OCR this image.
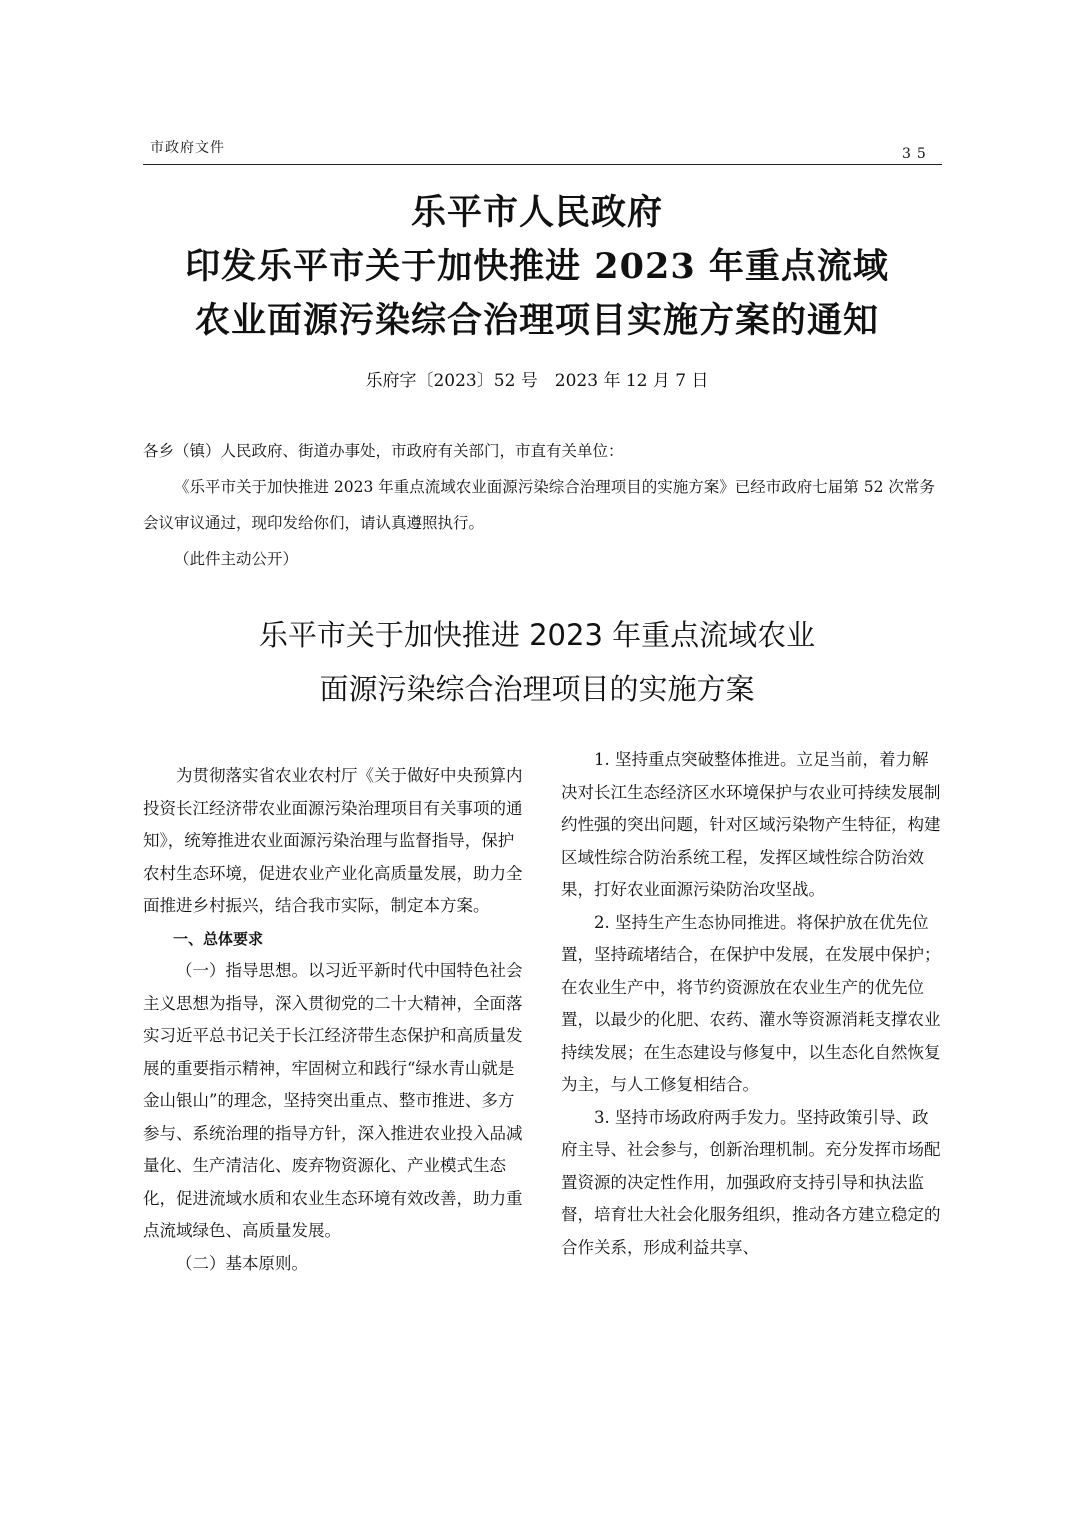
市政府文件	35
乐平市人民政府
印发乐平市关于加快推进 2023 年重点流域
农业面源污染综合治理项目实施方案的通知
乐府字〔2023〕52 号　2023 年 12 月 7 日

各乡（镇）人民政府、街道办事处，市政府有关部门，市直有关单位：

《乐平市关于加快推进 2023 年重点流域农业面源污染综合治理项目的实施方案》已经市政府七届第 52 次常务会议审议通过，现印发给你们，请认真遵照执行。

（此件主动公开）

乐平市关于加快推进 2023 年重点流域农业
面源污染综合治理项目的实施方案

为贯彻落实省农业农村厅《关于做好中央预算内投资长江经济带农业面源污染治理项目有关事项的通知》，统筹推进农业面源污染治理与监督指导，保护农村生态环境，促进农业产业化高质量发展，助力全面推进乡村振兴，结合我市实际，制定本方案。

一、总体要求

（一）指导思想。以习近平新时代中国特色社会主义思想为指导，深入贯彻党的二十大精神，全面落实习近平总书记关于长江经济带生态保护和高质量发展的重要指示精神，牢固树立和践行“绿水青山就是金山银山”的理念，坚持突出重点、整市推进、多方参与、系统治理的指导方针，深入推进农业投入品减量化、生产清洁化、废弃物资源化、产业模式生态化，促进流域水质和农业生态环境有效改善，助力重点流域绿色、高质量发展。

（二）基本原则。

1. 坚持重点突破整体推进。立足当前，着力解决对长江生态经济区水环境保护与农业可持续发展制约性强的突出问题，针对区域污染物产生特征，构建区域性综合防治系统工程，发挥区域性综合防治效果，打好农业面源污染防治攻坚战。

2. 坚持生产生态协同推进。将保护放在优先位置，坚持疏堵结合，在保护中发展，在发展中保护；在农业生产中，将节约资源放在农业生产的优先位置，以最少的化肥、农药、灌水等资源消耗支撑农业持续发展；在生态建设与修复中，以生态化自然恢复为主，与人工修复相结合。

3. 坚持市场政府两手发力。坚持政策引导、政府主导、社会参与，创新治理机制。充分发挥市场配置资源的决定性作用，加强政府支持引导和执法监督，培育壮大社会化服务组织，推动各方建立稳定的合作关系，形成利益共享、
